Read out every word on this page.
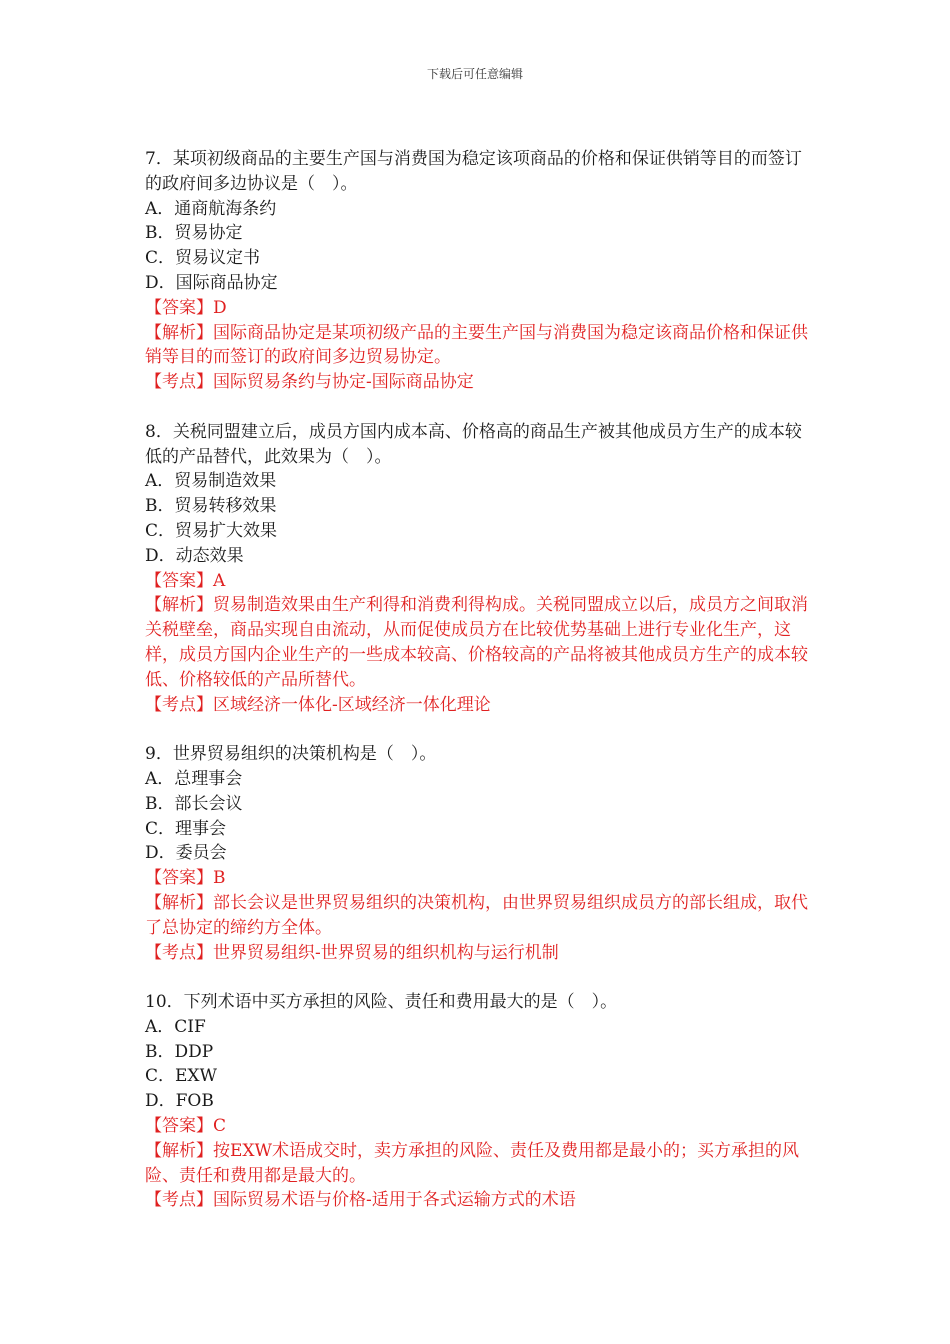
下载后可任意编辑

7．某项初级商品的主要生产国与消费国为稳定该项商品的价格和保证供销等目的而签订的政府间多边协议是（　）。

A．通商航海条约

B．贸易协定

C．贸易议定书

D．国际商品协定

【答案】D

【解析】国际商品协定是某项初级产品的主要生产国与消费国为稳定该商品价格和保证供销等目的而签订的政府间多边贸易协定。

【考点】国际贸易条约与协定-国际商品协定

8．关税同盟建立后，成员方国内成本高、价格高的商品生产被其他成员方生产的成本较低的产品替代，此效果为（　）。

A．贸易制造效果

B．贸易转移效果

C．贸易扩大效果

D．动态效果

【答案】A

【解析】贸易制造效果由生产利得和消费利得构成。关税同盟成立以后，成员方之间取消关税壁垒，商品实现自由流动，从而促使成员方在比较优势基础上进行专业化生产，这样，成员方国内企业生产的一些成本较高、价格较高的产品将被其他成员方生产的成本较低、价格较低的产品所替代。

【考点】区域经济一体化-区域经济一体化理论

9．世界贸易组织的决策机构是（　）。

A．总理事会

B．部长会议

C．理事会

D．委员会

【答案】B

【解析】部长会议是世界贸易组织的决策机构，由世界贸易组织成员方的部长组成，取代了总协定的缔约方全体。

【考点】世界贸易组织-世界贸易的组织机构与运行机制

10．下列术语中买方承担的风险、责任和费用最大的是（　）。

A．CIF

B．DDP

C．EXW

D．FOB

【答案】C

【解析】按EXW术语成交时，卖方承担的风险、责任及费用都是最小的；买方承担的风险、责任和费用都是最大的。

【考点】国际贸易术语与价格-适用于各式运输方式的术语
